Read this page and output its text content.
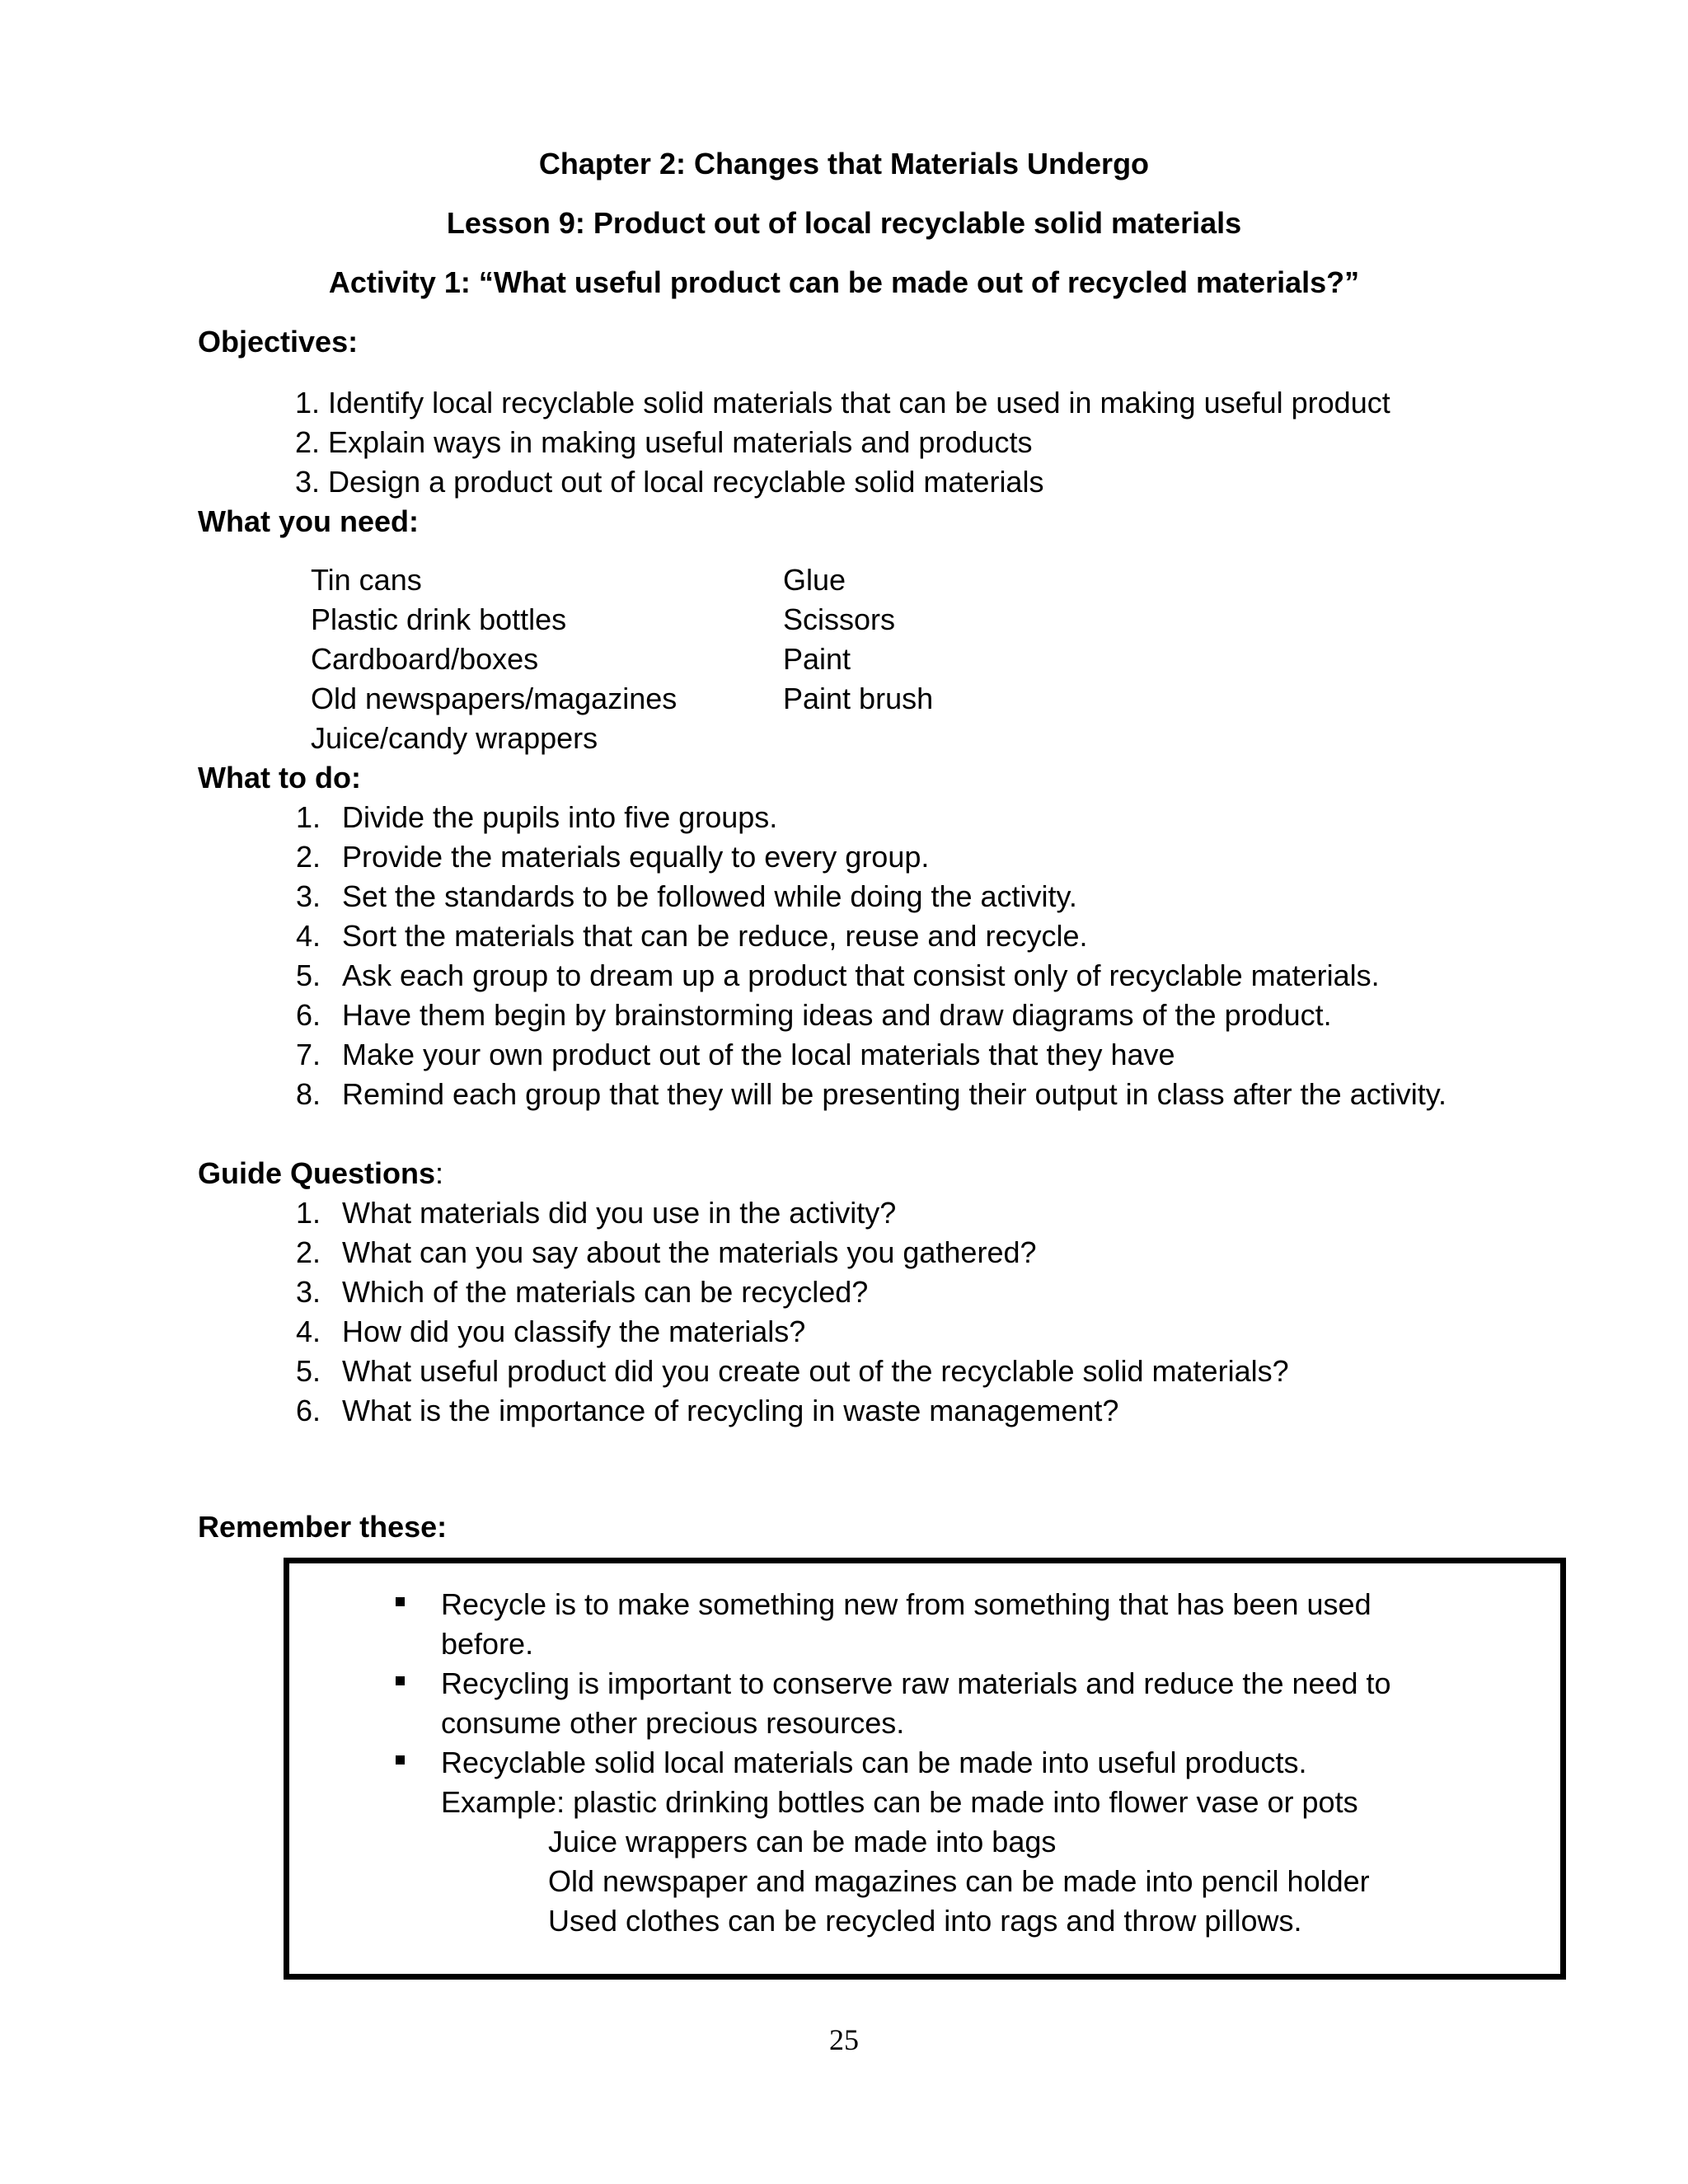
Chapter 2: Changes that Materials Undergo
Lesson 9: Product out of local recyclable solid materials
Activity 1: “What useful product can be made out of recycled materials?”
Objectives:
1. Identify local recyclable solid materials that can be used in making useful product
2. Explain ways in making useful materials and products
3. Design a product out of local recyclable solid materials
What you need:
Tin cans
Plastic drink bottles
Cardboard/boxes
Old newspapers/magazines
Juice/candy wrappers
Glue
Scissors
Paint
Paint brush
What to do:
1. Divide the pupils into five groups.
2. Provide the materials equally to every group.
3. Set the standards to be followed while doing the activity.
4. Sort the materials that can be reduce, reuse and recycle.
5. Ask each group to dream up a product that consist only of recyclable materials.
6. Have them begin by brainstorming ideas and draw diagrams of the product.
7. Make your own product out of the local materials that they have
8. Remind each group that they will be presenting their output in class after the activity.
Guide Questions:
1. What materials did you use in the activity?
2. What can you say about the materials you gathered?
3. Which of the materials can be recycled?
4. How did you classify the materials?
5. What useful product did you create out of the recyclable solid materials?
6. What is the importance of recycling in waste management?
Remember these:
Recycle is to make something new from something that has been used
before.
Recycling is important to conserve raw materials and reduce the need to
consume other precious resources.
Recyclable solid local materials can be made into useful products.
Example: plastic drinking bottles can be made into flower vase or pots
Juice wrappers can be made into bags
Old newspaper and magazines can be made into pencil holder
Used clothes can be recycled into rags and throw pillows.
25
